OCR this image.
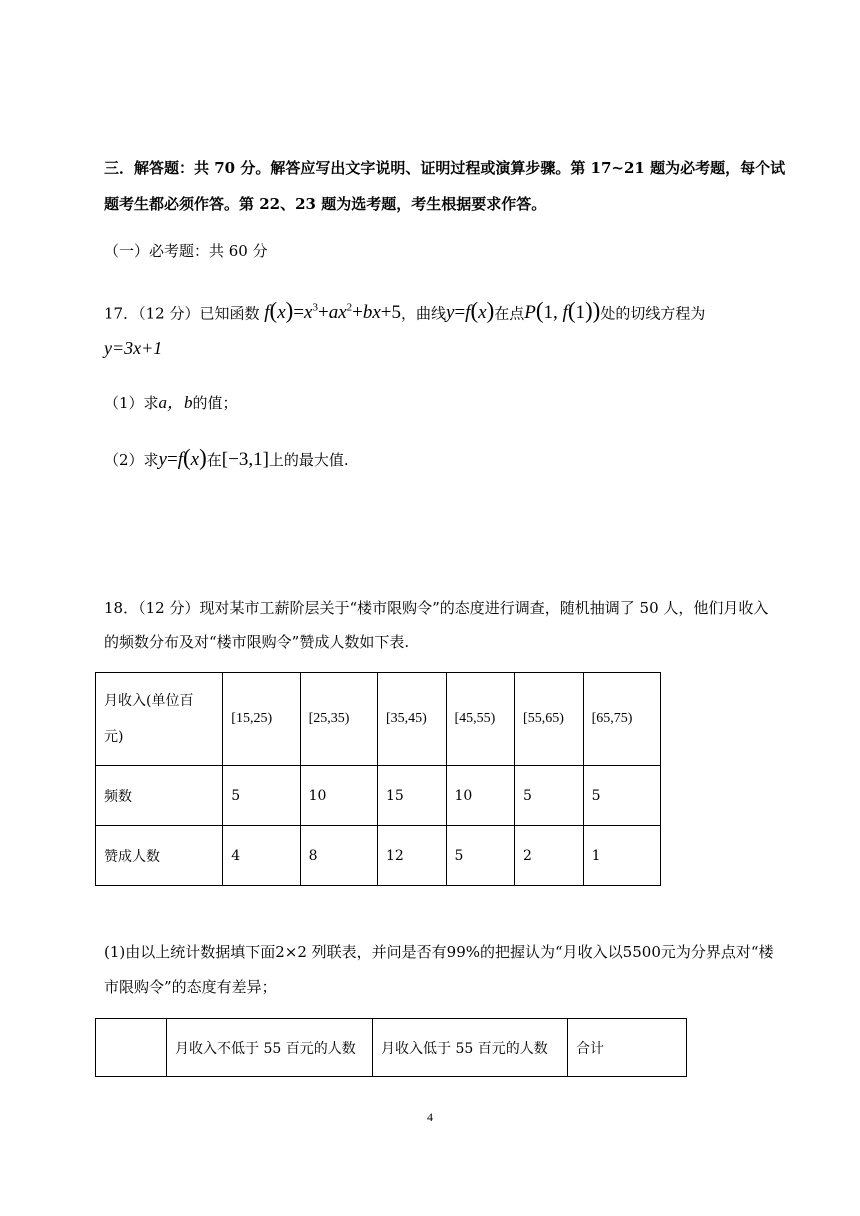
三．解答题：共 70 分。解答应写出文字说明、证明过程或演算步骤。第 17~21 题为必考题，每个试
题考生都必须作答。第 22、23 题为选考题，考生根据要求作答。
（一）必考题：共 60 分
17．（12 分）已知函数 $f(x)=x^3+ax^2+bx+5$，曲线y=f(x)在点P(1, f(1))处的切线方程为
y=3x+1
（1）求a，b的值；
（2）求y=f(x)在[−3,1]上的最大值.
18．（12 分）现对某市工薪阶层关于“楼市限购令”的态度进行调查，随机抽调了 50 人，他们月收入
的频数分布及对“楼市限购令”赞成人数如下表.
月收入(单位百
元)	[15,25)	[25,35)	[35,45)	[45,55)	[55,65)	[65,75)
频数	5	10	15	10	5	5
赞成人数	4	8	12	5	2	1
(1)由以上统计数据填下面2×2 列联表，并问是否有99%的把握认为“月收入以5500元为分界点对“楼
市限购令”的态度有差异；
	月收入不低于 55 百元的人数	月收入低于 55 百元的人数	合计
4
